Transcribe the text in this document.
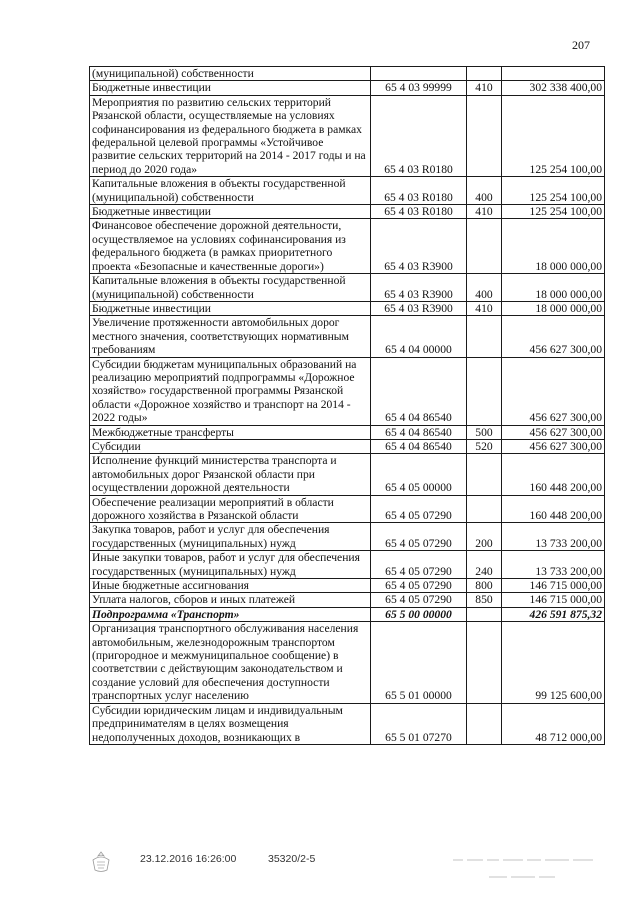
207
(муниципальной) собственности			
Бюджетные инвестиции	65 4 03 99999	410	302 338 400,00
Мероприятия по развитию сельских территорий Рязанской области, осуществляемые на условиях софинансирования из федерального бюджета в рамках федеральной целевой программы «Устойчивое развитие сельских территорий на 2014 - 2017 годы и на период до 2020 года»	65 4 03 R0180		125 254 100,00
Капитальные вложения в объекты государственной (муниципальной) собственности	65 4 03 R0180	400	125 254 100,00
Бюджетные инвестиции	65 4 03 R0180	410	125 254 100,00
Финансовое обеспечение дорожной деятельности, осуществляемое на условиях софинансирования из федерального бюджета (в рамках приоритетного проекта «Безопасные и качественные дороги»)	65 4 03 R3900		18 000 000,00
Капитальные вложения в объекты государственной (муниципальной) собственности	65 4 03 R3900	400	18 000 000,00
Бюджетные инвестиции	65 4 03 R3900	410	18 000 000,00
Увеличение протяженности автомобильных дорог местного значения, соответствующих нормативным требованиям	65 4 04 00000		456 627 300,00
Субсидии бюджетам муниципальных образований на реализацию мероприятий подпрограммы «Дорожное хозяйство» государственной программы Рязанской области «Дорожное хозяйство и транспорт на 2014 - 2022 годы»	65 4 04 86540		456 627 300,00
Межбюджетные трансферты	65 4 04 86540	500	456 627 300,00
Субсидии	65 4 04 86540	520	456 627 300,00
Исполнение функций министерства транспорта и автомобильных дорог Рязанской области при осуществлении дорожной деятельности	65 4 05 00000		160 448 200,00
Обеспечение реализации мероприятий в области дорожного хозяйства в Рязанской области	65 4 05 07290		160 448 200,00
Закупка товаров, работ и услуг для обеспечения государственных (муниципальных) нужд	65 4 05 07290	200	13 733 200,00
Иные закупки товаров, работ и услуг для обеспечения государственных (муниципальных) нужд	65 4 05 07290	240	13 733 200,00
Иные бюджетные ассигнования	65 4 05 07290	800	146 715 000,00
Уплата налогов, сборов и иных платежей	65 4 05 07290	850	146 715 000,00
Подпрограмма «Транспорт»	65 5 00 00000		426 591 875,32
Организация транспортного обслуживания населения автомобильным, железнодорожным транспортом (пригородное и межмуниципальное сообщение) в соответствии с действующим законодательством и создание условий для обеспечения доступности транспортных услуг населению	65 5 01 00000		99 125 600,00
Субсидии юридическим лицам и индивидуальным предпринимателям в целях возмещения недополученных доходов, возникающих в	65 5 01 07270		48 712 000,00
23.12.2016 16:26:00	35320/2-5
